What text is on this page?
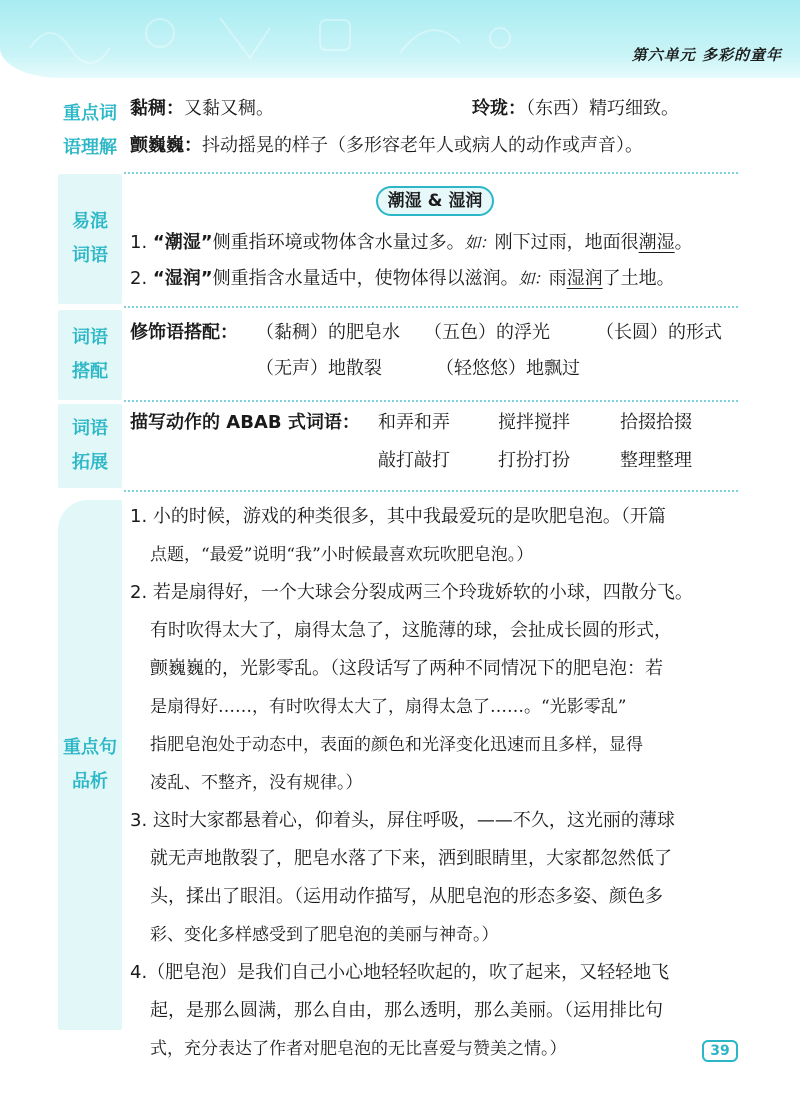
第六单元 多彩的童年
重点词
语理解
易混
词语
词语
搭配
词语
拓展
重点句
品析
黏稠：又黏又稠。	玲珑：（东西）精巧细致。
颤巍巍：抖动摇晃的样子（多形容老年人或病人的动作或声音）。
潮湿 & 湿润
1. “潮湿”侧重指环境或物体含水量过多。如：刚下过雨，地面很潮湿。
2. “湿润”侧重指含水量适中，使物体得以滋润。如：雨湿润了土地。
修饰语搭配： （黏稠）的肥皂水 （五色）的浮光	（长圆）的形式
（无声）地散裂	（轻悠悠）地飘过
描写动作的 ABAB 式词语： 和弄和弄	搅拌搅拌	拾掇拾掇
敲打敲打	打扮打扮	整理整理
1. 小的时候，游戏的种类很多，其中我最爱玩的是吹肥皂泡。（开篇
点题，“最爱”说明“我”小时候最喜欢玩吹肥皂泡。）
2. 若是扇得好，一个大球会分裂成两三个玲珑娇软的小球，四散分飞。
有时吹得太大了，扇得太急了，这脆薄的球，会扯成长圆的形式，
颤巍巍的，光影零乱。（这段话写了两种不同情况下的肥皂泡：若
是扇得好……，有时吹得太大了，扇得太急了……。“光影零乱”
指肥皂泡处于动态中，表面的颜色和光泽变化迅速而且多样，显得
凌乱、不整齐，没有规律。）
3. 这时大家都悬着心，仰着头，屏住呼吸，——不久，这光丽的薄球
就无声地散裂了，肥皂水落了下来，洒到眼睛里，大家都忽然低了
头，揉出了眼泪。（运用动作描写，从肥皂泡的形态多姿、颜色多
彩、变化多样感受到了肥皂泡的美丽与神奇。）
4.（肥皂泡）是我们自己小心地轻轻吹起的，吹了起来，又轻轻地飞
起，是那么圆满，那么自由，那么透明，那么美丽。（运用排比句
式，充分表达了作者对肥皂泡的无比喜爱与赞美之情。）	39
